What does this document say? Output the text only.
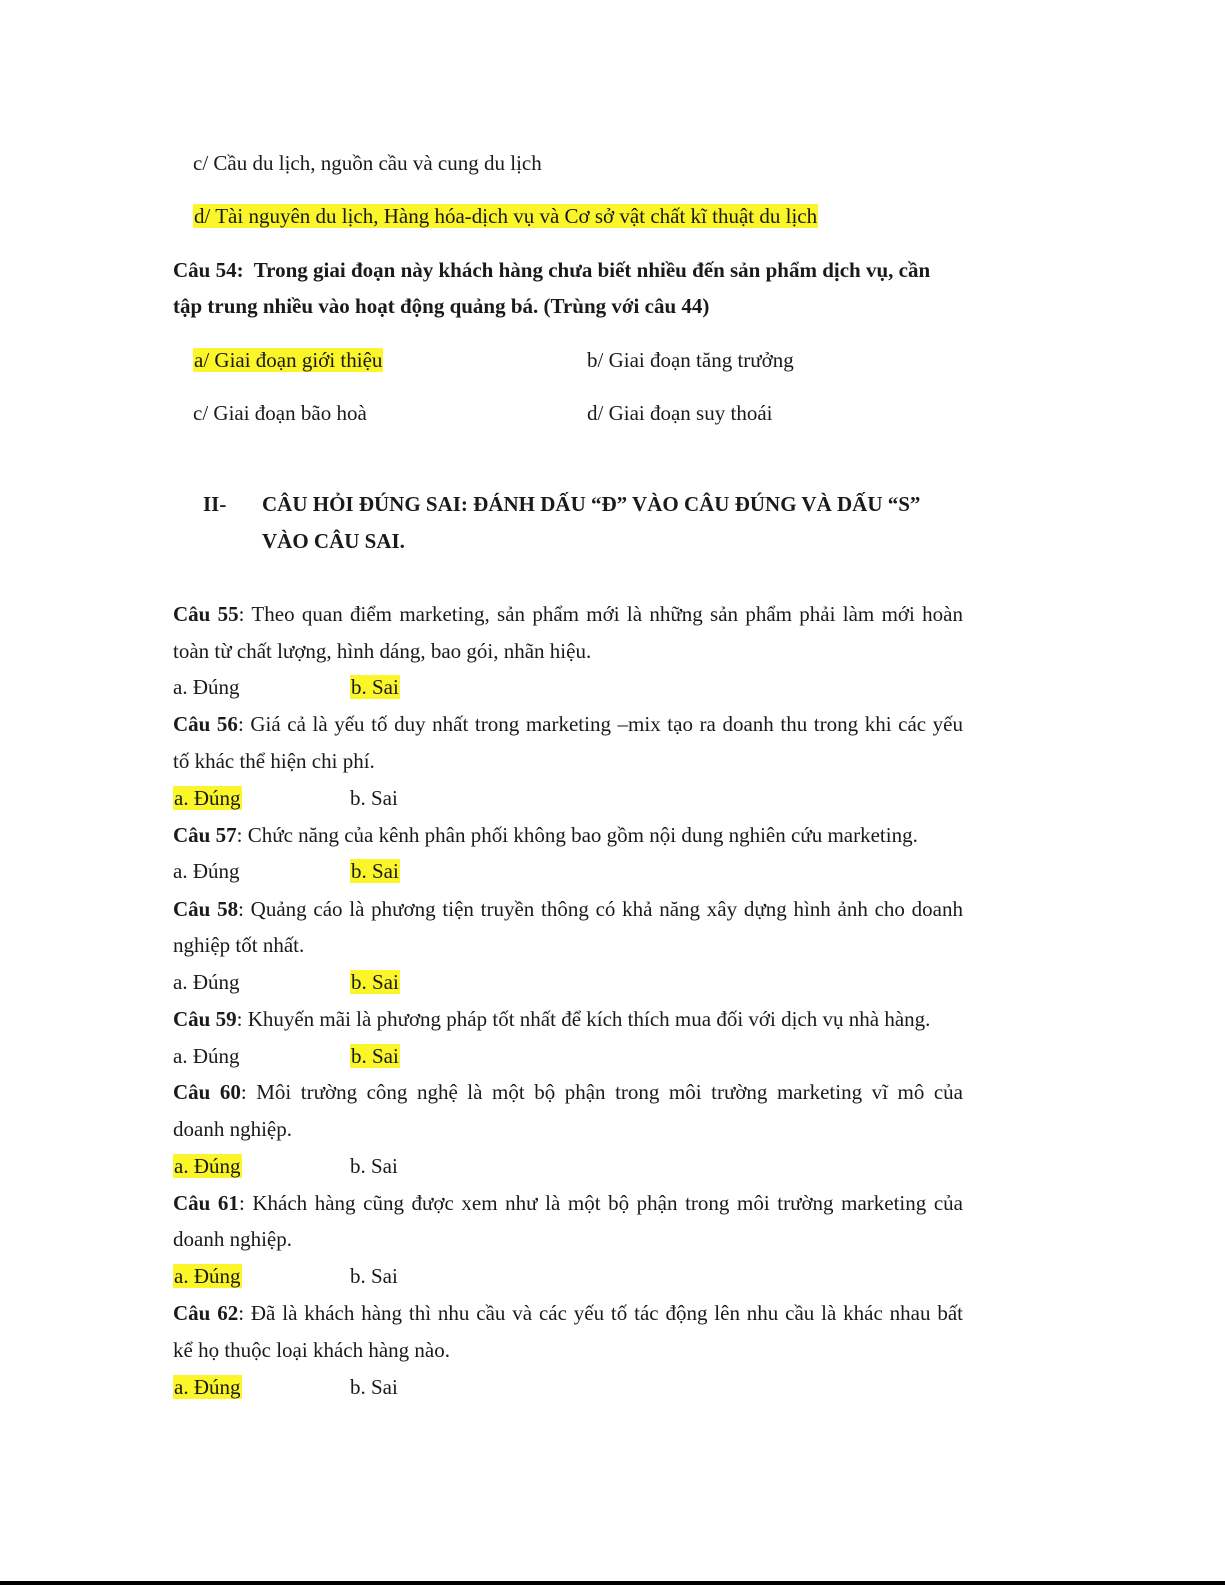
c/ Cầu du lịch, nguồn cầu và cung du lịch
d/ Tài nguyên du lịch, Hàng hóa-dịch vụ và Cơ sở vật chất kĩ thuật du lịch
Câu 54: Trong giai đoạn này khách hàng chưa biết nhiều đến sản phẩm dịch vụ, cần
tập trung nhiều vào hoạt động quảng bá. (Trùng với câu 44)
a/ Giai đoạn giới thiệu	b/ Giai đoạn tăng trưởng
c/ Giai đoạn bão hoà	d/ Giai đoạn suy thoái
II- CÂU HỎI ĐÚNG SAI: ĐÁNH DẤU “Đ” VÀO CÂU ĐÚNG VÀ DẤU “S”
VÀO CÂU SAI.
Câu 55: Theo quan điểm marketing, sản phẩm mới là những sản phẩm phải làm mới hoàn
toàn từ chất lượng, hình dáng, bao gói, nhãn hiệu.
a. Đúng	b. Sai
Câu 56: Giá cả là yếu tố duy nhất trong marketing –mix tạo ra doanh thu trong khi các yếu
tố khác thể hiện chi phí.
a. Đúng	b. Sai
Câu 57: Chức năng của kênh phân phối không bao gồm nội dung nghiên cứu marketing.
a. Đúng	b. Sai
Câu 58: Quảng cáo là phương tiện truyền thông có khả năng xây dựng hình ảnh cho doanh
nghiệp tốt nhất.
a. Đúng	b. Sai
Câu 59: Khuyến mãi là phương pháp tốt nhất để kích thích mua đối với dịch vụ nhà hàng.
a. Đúng	b. Sai
Câu 60: Môi trường công nghệ là một bộ phận trong môi trường marketing vĩ mô của
doanh nghiệp.
a. Đúng	b. Sai
Câu 61: Khách hàng cũng được xem như là một bộ phận trong môi trường marketing của
doanh nghiệp.
a. Đúng	b. Sai
Câu 62: Đã là khách hàng thì nhu cầu và các yếu tố tác động lên nhu cầu là khác nhau bất
kể họ thuộc loại khách hàng nào.
a. Đúng	b. Sai
